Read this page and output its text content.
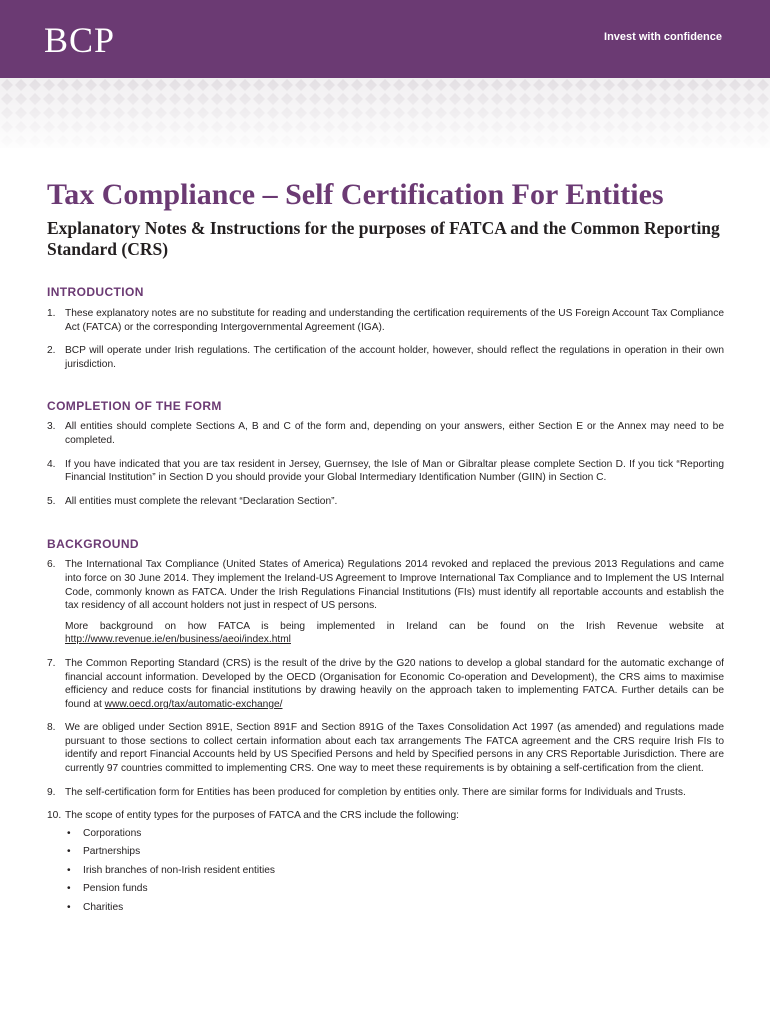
BCP	Invest with confidence
Tax Compliance – Self Certification For Entities
Explanatory Notes & Instructions for the purposes of FATCA and the Common Reporting Standard (CRS)
INTRODUCTION
1. These explanatory notes are no substitute for reading and understanding the certification requirements of the US Foreign Account Tax Compliance Act (FATCA) or the corresponding Intergovernmental Agreement (IGA).

2. BCP will operate under Irish regulations. The certification of the account holder, however, should reflect the regulations in operation in their own jurisdiction.

COMPLETION OF THE FORM
3. All entities should complete Sections A, B and C of the form and, depending on your answers, either Section E or the Annex may need to be completed.

4. If you have indicated that you are tax resident in Jersey, Guernsey, the Isle of Man or Gibraltar please complete Section D. If you tick “Reporting Financial Institution” in Section D you should provide your Global Intermediary Identification Number (GIIN) in Section C.

5. All entities must complete the relevant “Declaration Section”.

BACKGROUND
6. The International Tax Compliance (United States of America) Regulations 2014 revoked and replaced the previous 2013 Regulations and came into force on 30 June 2014. They implement the Ireland-US Agreement to Improve International Tax Compliance and to Implement the US Internal Code, commonly known as FATCA. Under the Irish Regulations Financial Institutions (FIs) must identify all reportable accounts and establish the tax residency of all account holders not just in respect of US persons.

More background on how FATCA is being implemented in Ireland can be found on the Irish Revenue website at http://www.revenue.ie/en/business/aeoi/index.html

7. The Common Reporting Standard (CRS) is the result of the drive by the G20 nations to develop a global standard for the automatic exchange of financial account information. Developed by the OECD (Organisation for Economic Co-operation and Development), the CRS aims to maximise efficiency and reduce costs for financial institutions by drawing heavily on the approach taken to implementing FATCA. Further details can be found at www.oecd.org/tax/automatic-exchange/

8. We are obliged under Section 891E, Section 891F and Section 891G of the Taxes Consolidation Act 1997 (as amended) and regulations made pursuant to those sections to collect certain information about each tax arrangements The FATCA agreement and the CRS require Irish FIs to identify and report Financial Accounts held by US Specified Persons and held by Specified persons in any CRS Reportable Jurisdiction. There are currently 97 countries committed to implementing CRS. One way to meet these requirements is by obtaining a self-certification from the client.

9. The self-certification form for Entities has been produced for completion by entities only. There are similar forms for Individuals and Trusts.

10. The scope of entity types for the purposes of FATCA and the CRS include the following:

• Corporations
• Partnerships
• Irish branches of non-Irish resident entities
• Pension funds
• Charities
